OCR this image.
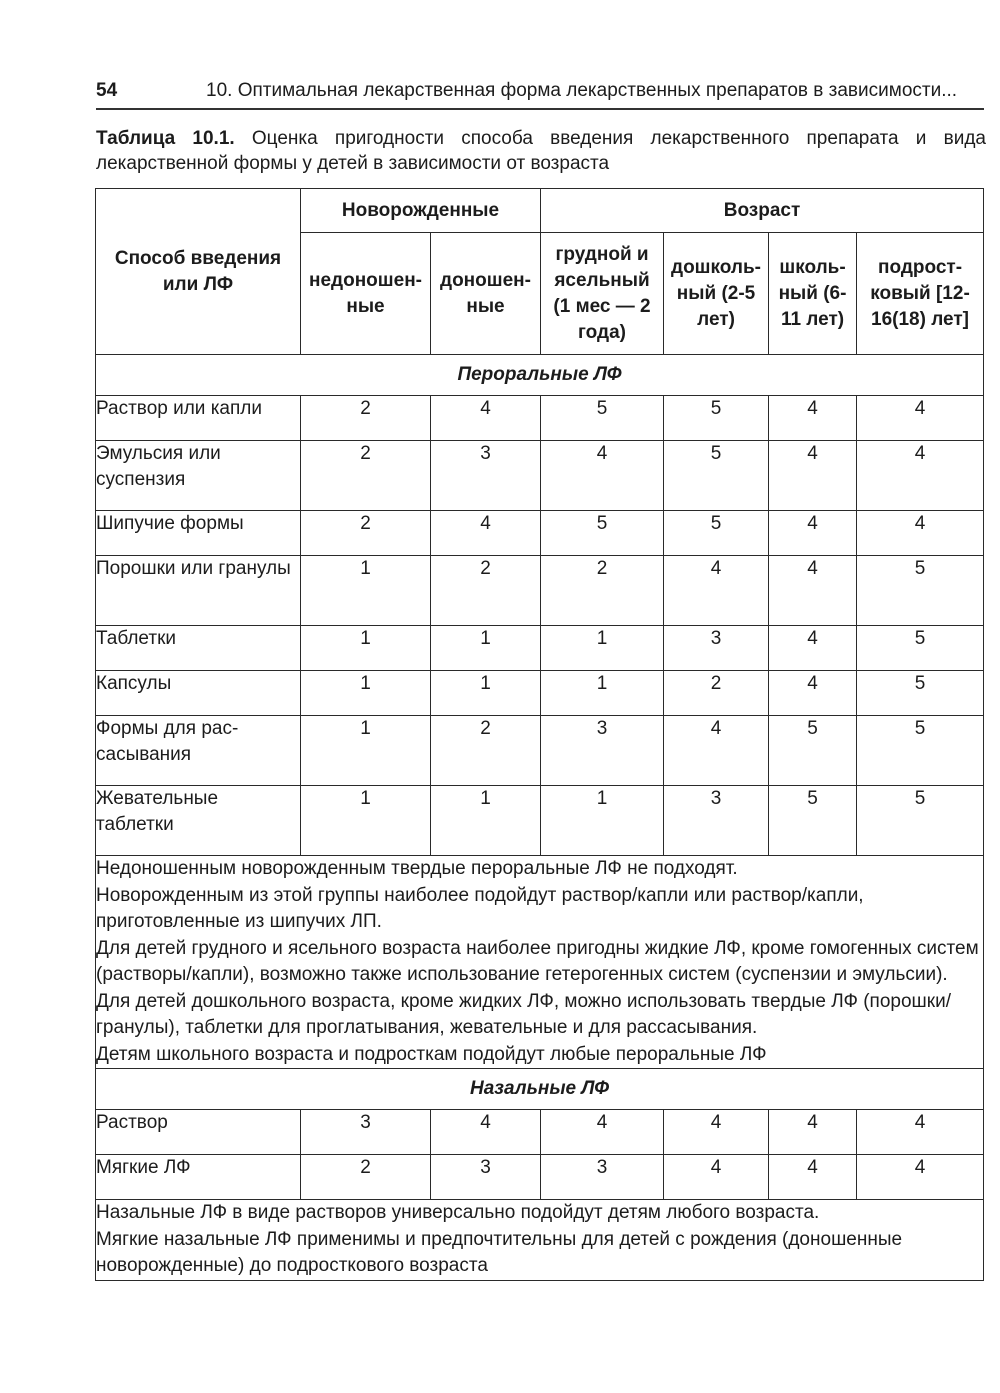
54	10. Оптимальная лекарственная форма лекарственных препаратов в зависимости...
Таблица 10.1. Оценка пригодности способа введения лекарственного препарата и вида лекарственной формы у детей в зависимости от возраста
Способ введения или ЛФ	Новорожденные		Возраст			
	недоношен-ные	доношен-ные	грудной и ясельный (1 мес — 2 года)	дошколь-ный (2-5 лет)	школь-ный (6-11 лет)	подрост-ковый [12-16(18) лет]
Пероральные ЛФ						
Раствор или капли	2	4	5	5	4	4
Эмульсия или суспензия	2	3	4	5	4	4
Шипучие формы	2	4	5	5	4	4
Порошки или гранулы	1	2	2	4	4	5
Таблетки	1	1	1	3	4	5
Капсулы	1	1	1	2	4	5
Формы для рас-сасывания	1	2	3	4	5	5
Жевательные таблетки	1	1	1	3	5	5

Недоношенным новорожденным твердые пероральные ЛФ не подходят.
Новорожденным из этой группы наиболее подойдут раствор/капли или раствор/капли, приготовленные из шипучих ЛП.
Для детей грудного и ясельного возраста наиболее пригодны жидкие ЛФ, кроме гомогенных систем (растворы/капли), возможно также использование гетерогенных систем (суспензии и эмульсии).
Для детей дошкольного возраста, кроме жидких ЛФ, можно использовать твердые ЛФ (порошки/гранулы), таблетки для проглатывания, жевательные и для рассасывания.
Детям школьного возраста и подросткам подойдут любые пероральные ЛФ						

Назальные ЛФ						
Раствор	3	4	4	4	4	4
Мягкие ЛФ	2	3	3	4	4	4

Назальные ЛФ в виде растворов универсально подойдут детям любого возраста.
Мягкие назальные ЛФ применимы и предпочтительны для детей с рождения (доношенные новорожденные) до подросткового возраста						
